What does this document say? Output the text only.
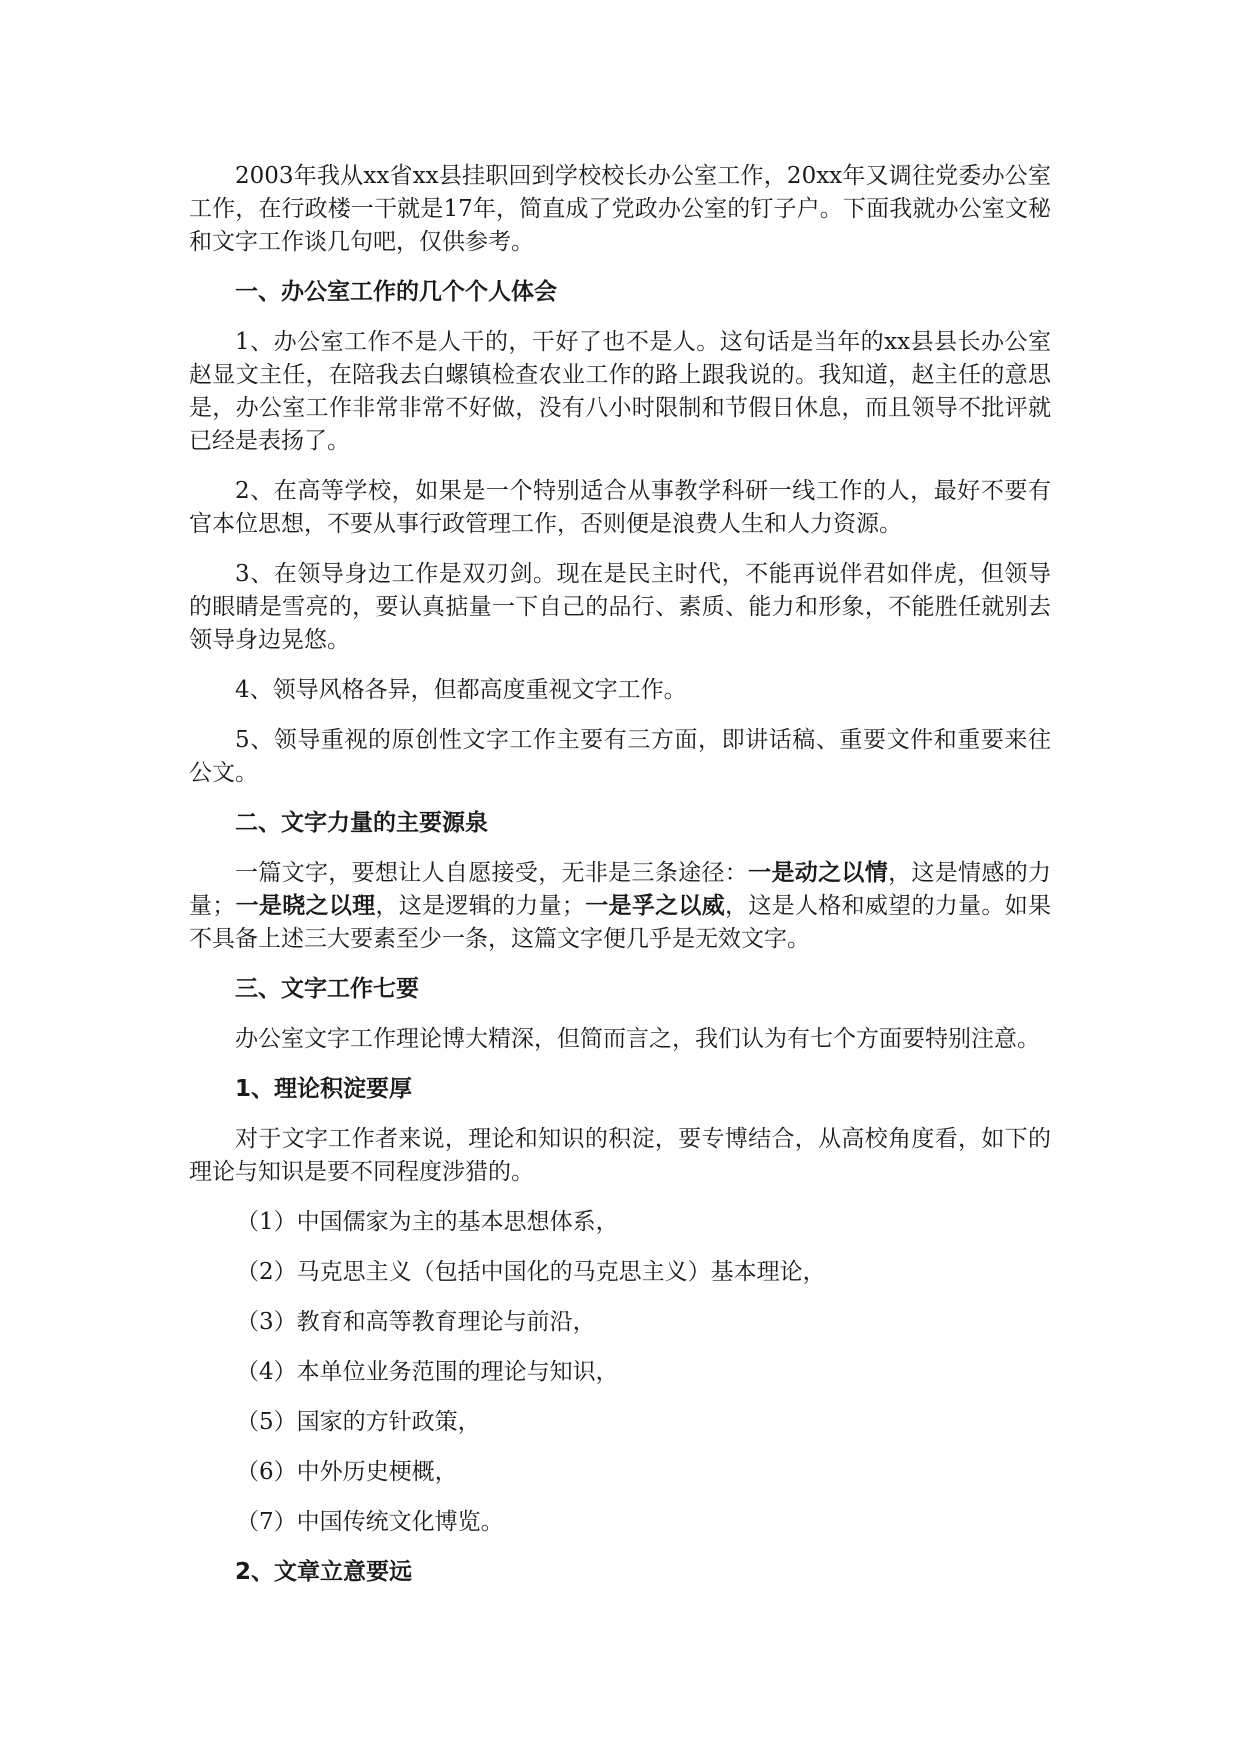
2003年我从xx省xx县挂职回到学校校长办公室工作，20xx年又调往党委办公室工作，在行政楼一干就是17年，简直成了党政办公室的钉子户。下面我就办公室文秘和文字工作谈几句吧，仅供参考。

一、办公室工作的几个个人体会

1、办公室工作不是人干的，干好了也不是人。这句话是当年的xx县县长办公室赵显文主任，在陪我去白螺镇检查农业工作的路上跟我说的。我知道，赵主任的意思是，办公室工作非常非常不好做，没有八小时限制和节假日休息，而且领导不批评就已经是表扬了。

2、在高等学校，如果是一个特别适合从事教学科研一线工作的人，最好不要有官本位思想，不要从事行政管理工作，否则便是浪费人生和人力资源。

3、在领导身边工作是双刃剑。现在是民主时代，不能再说伴君如伴虎，但领导的眼睛是雪亮的，要认真掂量一下自己的品行、素质、能力和形象，不能胜任就别去领导身边晃悠。

4、领导风格各异，但都高度重视文字工作。

5、领导重视的原创性文字工作主要有三方面，即讲话稿、重要文件和重要来往公文。

二、文字力量的主要源泉

一篇文字，要想让人自愿接受，无非是三条途径：一是动之以情，这是情感的力量；一是晓之以理，这是逻辑的力量；一是孚之以威，这是人格和威望的力量。如果不具备上述三大要素至少一条，这篇文字便几乎是无效文字。

三、文字工作七要

办公室文字工作理论博大精深，但简而言之，我们认为有七个方面要特别注意。

1、理论积淀要厚

对于文字工作者来说，理论和知识的积淀，要专博结合，从高校角度看，如下的理论与知识是要不同程度涉猎的。

（1）中国儒家为主的基本思想体系，

（2）马克思主义（包括中国化的马克思主义）基本理论，

（3）教育和高等教育理论与前沿，

（4）本单位业务范围的理论与知识，

（5）国家的方针政策，

（6）中外历史梗概，

（7）中国传统文化博览。

2、文章立意要远
